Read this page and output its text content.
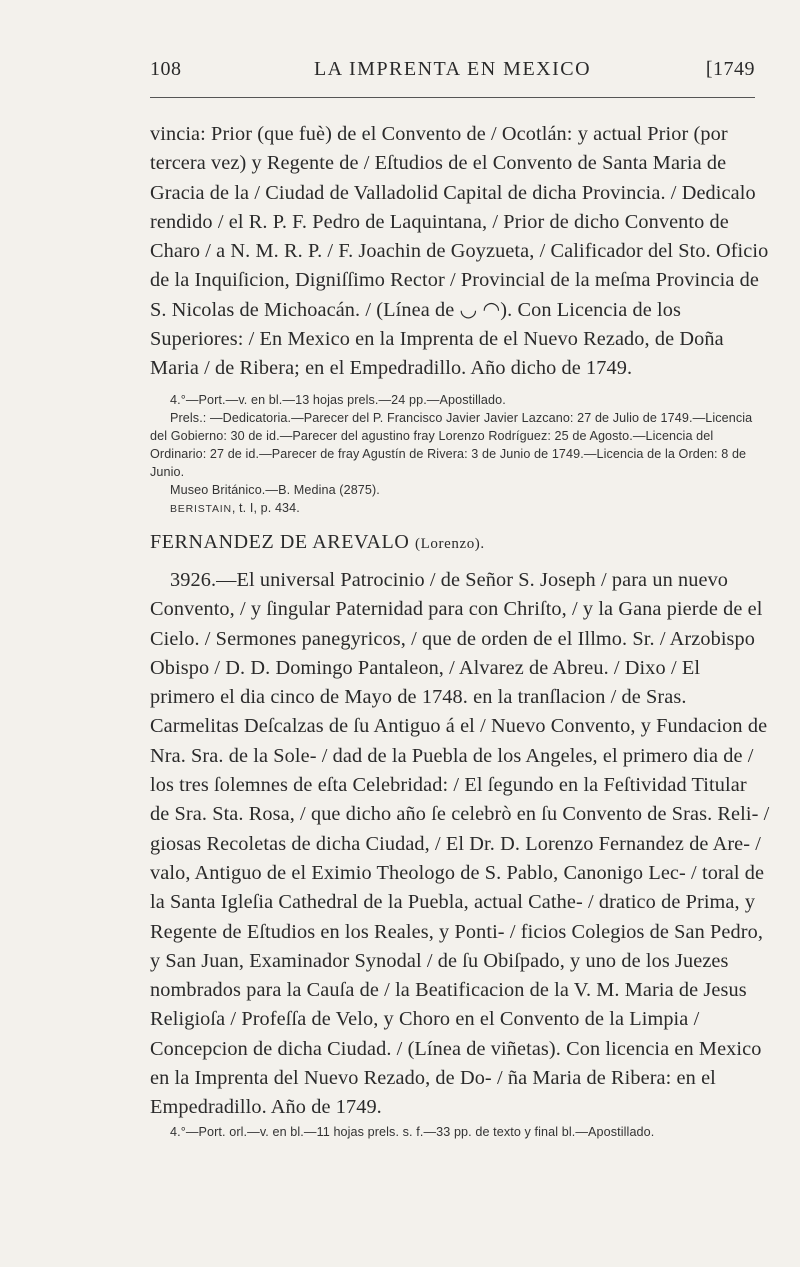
108	LA IMPRENTA EN MEXICO	[1749

vincia: Prior (que fuè) de el Convento de / Ocotlán: y actual Prior (por tercera vez) y Regente de / Eſtudios de el Convento de Santa Maria de Gracia de la / Ciudad de Valladolid Capital de dicha Provincia. / Dedicalo rendido / el R. P. F. Pedro de Laquintana, / Prior de dicho Convento de Charo / a N. M. R. P. / F. Joachin de Goyzueta, / Calificador del Sto. Oficio de la Inquiſicion, Digniſſimo Rector / Provincial de la meſma Provincia de S. Nicolas de Michoacán. / (Línea de ◡ ◠). Con Licencia de los Superiores: / En Mexico en la Imprenta de el Nuevo Rezado, de Doña Maria / de Ribera; en el Empedradillo. Año dicho de 1749.

4.°—Port.—v. en bl.—13 hojas prels.—24 pp.—Apostillado.

Prels.: —Dedicatoria.—Parecer del P. Francisco Javier Javier Lazcano: 27 de Julio de 1749.—Licencia del Gobierno: 30 de id.—Parecer del agustino fray Lorenzo Rodríguez: 25 de Agosto.—Licencia del Ordinario: 27 de id.—Parecer de fray Agustín de Rivera: 3 de Junio de 1749.—Licencia de la Orden: 8 de Junio.

Museo Británico.—B. Medina (2875).

BERISTAIN, t. I, p. 434.

FERNANDEZ DE AREVALO (Lorenzo).

3926.—El universal Patrocinio / de Señor S. Joseph / para un nuevo Convento, / y ſingular Paternidad para con Chriſto, / y la Gana pierde de el Cielo. / Sermones panegyricos, / que de orden de el Illmo. Sr. / Arzobispo Obispo / D. D. Domingo Pantaleon, / Alvarez de Abreu. / Dixo / El primero el dia cinco de Mayo de 1748. en la tranſlacion / de Sras. Carmelitas Deſcalzas de ſu Antiguo á el / Nuevo Convento, y Fundacion de Nra. Sra. de la Sole- / dad de la Puebla de los Angeles, el primero dia de / los tres ſolemnes de eſta Celebridad: / El ſegundo en la Feſtividad Titular de Sra. Sta. Rosa, / que dicho año ſe celebrò en ſu Convento de Sras. Reli- / giosas Recoletas de dicha Ciudad, / El Dr. D. Lorenzo Fernandez de Are- / valo, Antiguo de el Eximio Theologo de S. Pablo, Canonigo Lec- / toral de la Santa Igleſia Cathedral de la Puebla, actual Cathe- / dratico de Prima, y Regente de Eſtudios en los Reales, y Ponti- / ficios Colegios de San Pedro, y San Juan, Examinador Synodal / de ſu Obiſpado, y uno de los Juezes nombrados para la Cauſa de / la Beatificacion de la V. M. Maria de Jesus Religioſa / Profeſſa de Velo, y Choro en el Convento de la Limpia / Concepcion de dicha Ciudad. / (Línea de viñetas). Con licencia en Mexico en la Imprenta del Nuevo Rezado, de Do- / ña Maria de Ribera: en el Empedradillo. Año de 1749.

4.°—Port. orl.—v. en bl.—11 hojas prels. s. f.—33 pp. de texto y final bl.—Apostillado.
